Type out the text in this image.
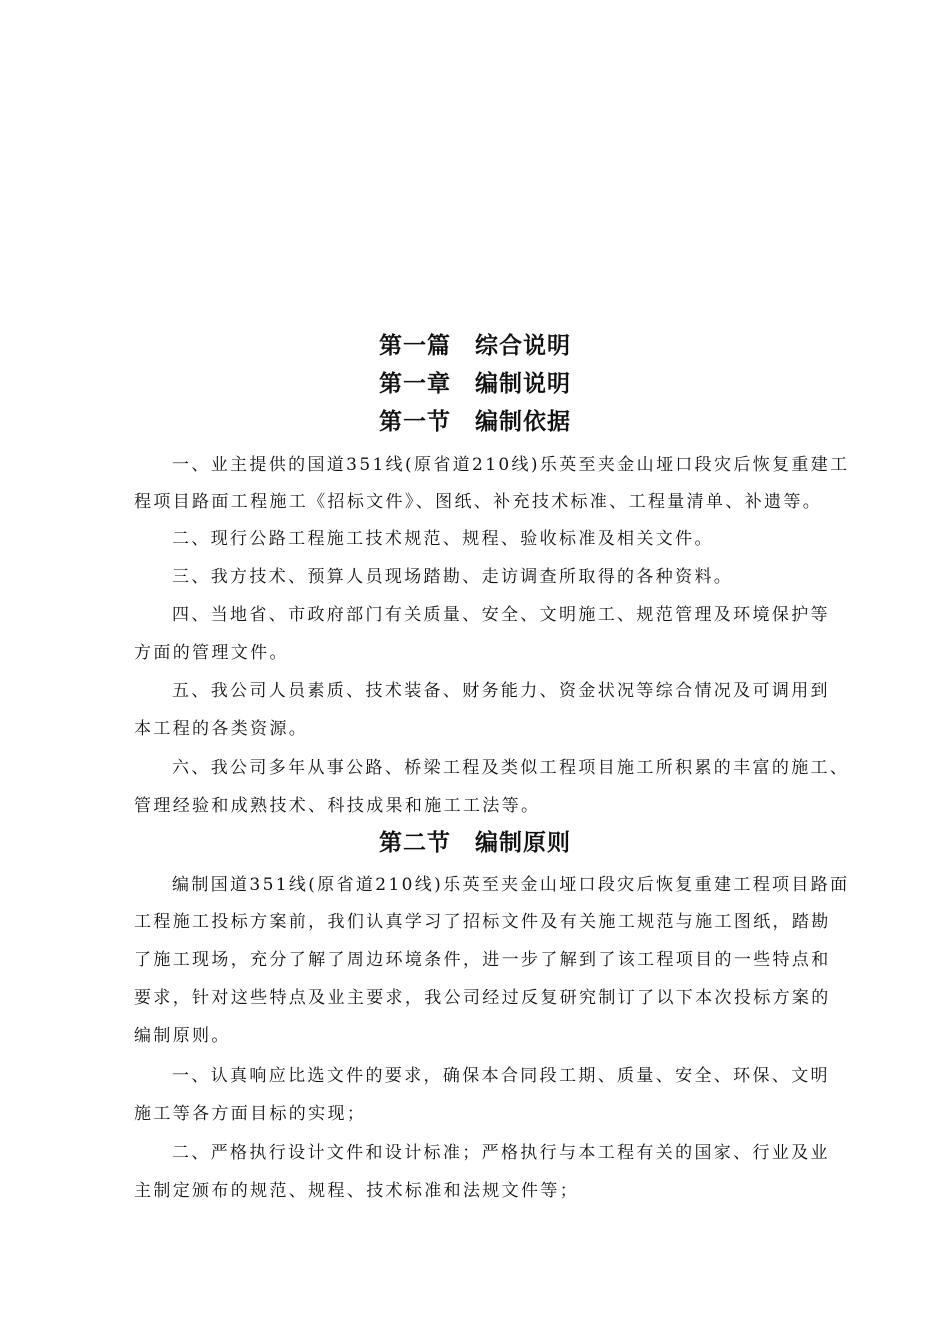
第一篇　综合说明
第一章　编制说明
第一节　编制依据
一、业主提供的国道351线(原省道210线)乐英至夹金山垭口段灾后恢复重建工
程项目路面工程施工《招标文件》、图纸、补充技术标准、工程量清单、补遗等。
二、现行公路工程施工技术规范、规程、验收标准及相关文件。
三、我方技术、预算人员现场踏勘、走访调查所取得的各种资料。
四、当地省、市政府部门有关质量、安全、文明施工、规范管理及环境保护等
方面的管理文件。
五、我公司人员素质、技术装备、财务能力、资金状况等综合情况及可调用到
本工程的各类资源。
六、我公司多年从事公路、桥梁工程及类似工程项目施工所积累的丰富的施工、
管理经验和成熟技术、科技成果和施工工法等。
第二节　编制原则
编制国道351线(原省道210线)乐英至夹金山垭口段灾后恢复重建工程项目路面
工程施工投标方案前，我们认真学习了招标文件及有关施工规范与施工图纸，踏勘
了施工现场，充分了解了周边环境条件，进一步了解到了该工程项目的一些特点和
要求，针对这些特点及业主要求，我公司经过反复研究制订了以下本次投标方案的
编制原则。
一、认真响应比选文件的要求，确保本合同段工期、质量、安全、环保、文明
施工等各方面目标的实现；
二、严格执行设计文件和设计标准；严格执行与本工程有关的国家、行业及业
主制定颁布的规范、规程、技术标准和法规文件等；
